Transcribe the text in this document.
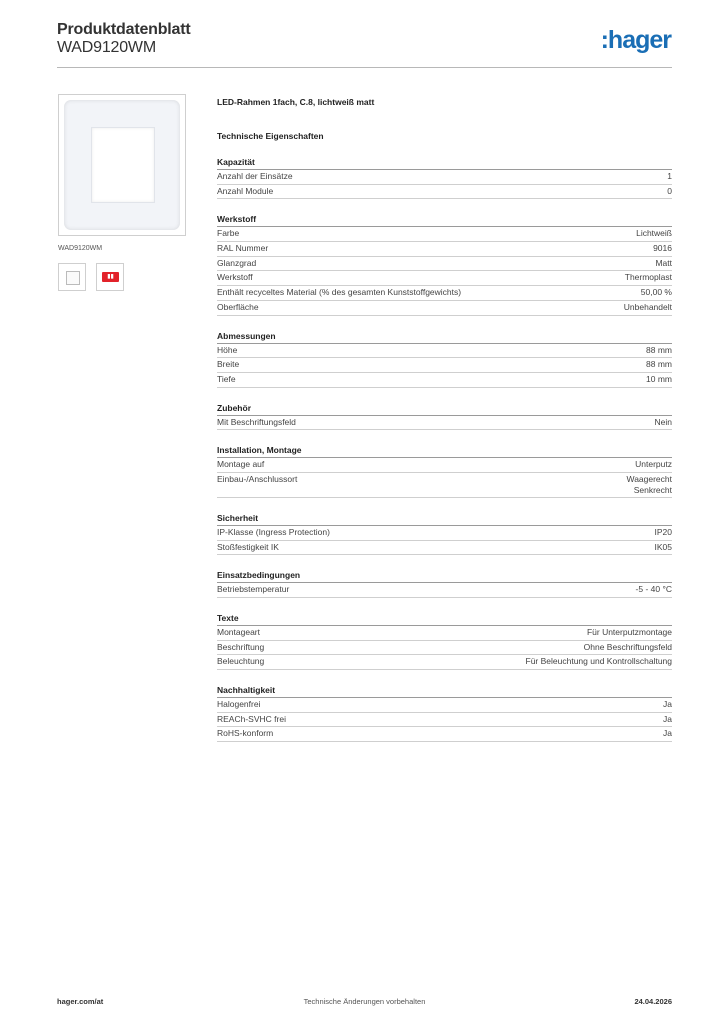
Produktdatenblatt
WAD9120WM	:hager
WAD9120WM
▮▮
LED-Rahmen 1fach, C.8, lichtweiß matt
Technische Eigenschaften
Kapazität
Anzahl der Einsätze	1
Anzahl Module	0
Werkstoff
Farbe	Lichtweiß
RAL Nummer	9016
Glanzgrad	Matt
Werkstoff	Thermoplast
Enthält recyceltes Material (% des gesamten Kunststoffgewichts)	50,00 %
Oberfläche	Unbehandelt
Abmessungen
Höhe	88 mm
Breite	88 mm
Tiefe	10 mm
Zubehör
Mit Beschriftungsfeld	Nein
Installation, Montage
Montage auf	Unterputz
Einbau-/Anschlussort	Waagerecht
Senkrecht
Sicherheit
IP-Klasse (Ingress Protection)	IP20
Stoßfestigkeit IK	IK05
Einsatzbedingungen
Betriebstemperatur	-5 - 40 °C
Texte
Montageart	Für Unterputzmontage
Beschriftung	Ohne Beschriftungsfeld
Beleuchtung	Für Beleuchtung und Kontrollschaltung
Nachhaltigkeit
Halogenfrei	Ja
REACh-SVHC frei	Ja
RoHS-konform	Ja
hager.com/at	Technische Änderungen vorbehalten	24.04.2026
